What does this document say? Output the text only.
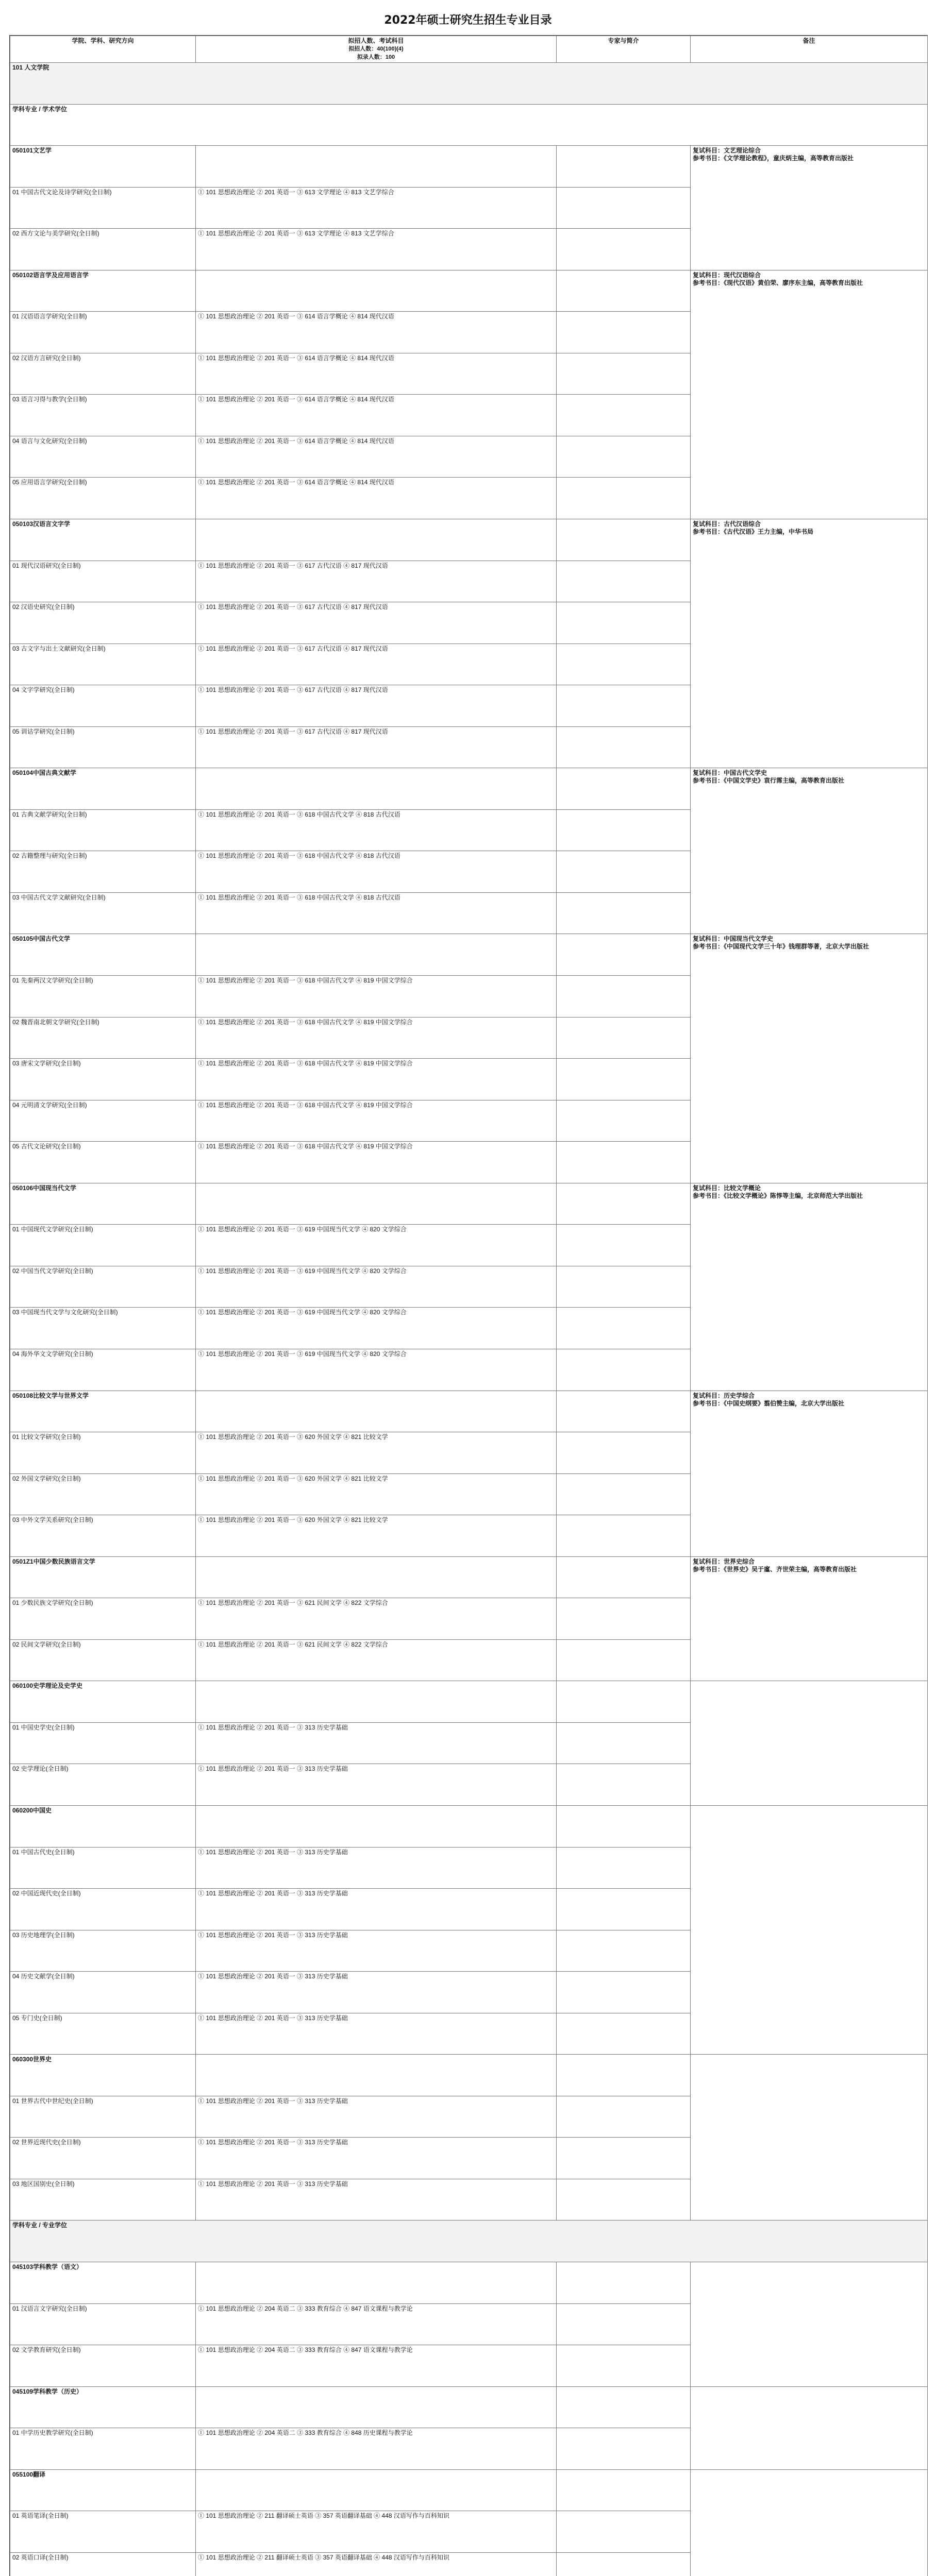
2022年硕士研究生招生专业目录
学院、学科、研究方向	拟招人数、考试科目
拟招人数：40(100)(4)
拟录人数：100	专家与简介	备注
101 人文学院			
学科专业 / 学术学位			
050101文艺学			复试科目：文艺理论综合
参考书目：《文学理论教程》，童庆炳主编，高等教育出版社

01 中国古代文论及诗学研究(全日制)	① 101 思想政治理论 ② 201 英语一 ③ 613 文学理论 ④ 813 文艺学综合		
02 西方文论与美学研究(全日制)	① 101 思想政治理论 ② 201 英语一 ③ 613 文学理论 ④ 813 文艺学综合		
050102语言学及应用语言学			复试科目：现代汉语综合
参考书目：《现代汉语》黄伯荣、廖序东主编，高等教育出版社

01 汉语语言学研究(全日制)	① 101 思想政治理论 ② 201 英语一 ③ 614 语言学概论 ④ 814 现代汉语		
02 汉语方言研究(全日制)	① 101 思想政治理论 ② 201 英语一 ③ 614 语言学概论 ④ 814 现代汉语		
03 语言习得与教学(全日制)	① 101 思想政治理论 ② 201 英语一 ③ 614 语言学概论 ④ 814 现代汉语		
04 语言与文化研究(全日制)	① 101 思想政治理论 ② 201 英语一 ③ 614 语言学概论 ④ 814 现代汉语		
05 应用语言学研究(全日制)	① 101 思想政治理论 ② 201 英语一 ③ 614 语言学概论 ④ 814 现代汉语		
050103汉语言文字学			复试科目：古代汉语综合
参考书目：《古代汉语》王力主编，中华书局

01 现代汉语研究(全日制)	① 101 思想政治理论 ② 201 英语一 ③ 617 古代汉语 ④ 817 现代汉语		
02 汉语史研究(全日制)	① 101 思想政治理论 ② 201 英语一 ③ 617 古代汉语 ④ 817 现代汉语		
03 古文字与出土文献研究(全日制)	① 101 思想政治理论 ② 201 英语一 ③ 617 古代汉语 ④ 817 现代汉语		
04 文字学研究(全日制)	① 101 思想政治理论 ② 201 英语一 ③ 617 古代汉语 ④ 817 现代汉语		
05 训诂学研究(全日制)	① 101 思想政治理论 ② 201 英语一 ③ 617 古代汉语 ④ 817 现代汉语		
050104中国古典文献学			复试科目：中国古代文学史
参考书目：《中国文学史》袁行霈主编，高等教育出版社

01 古典文献学研究(全日制)	① 101 思想政治理论 ② 201 英语一 ③ 618 中国古代文学 ④ 818 古代汉语		
02 古籍整理与研究(全日制)	① 101 思想政治理论 ② 201 英语一 ③ 618 中国古代文学 ④ 818 古代汉语		
03 中国古代文学文献研究(全日制)	① 101 思想政治理论 ② 201 英语一 ③ 618 中国古代文学 ④ 818 古代汉语		
050105中国古代文学			复试科目：中国现当代文学史
参考书目：《中国现代文学三十年》钱理群等著，北京大学出版社

01 先秦两汉文学研究(全日制)	① 101 思想政治理论 ② 201 英语一 ③ 618 中国古代文学 ④ 819 中国文学综合		
02 魏晋南北朝文学研究(全日制)	① 101 思想政治理论 ② 201 英语一 ③ 618 中国古代文学 ④ 819 中国文学综合		
03 唐宋文学研究(全日制)	① 101 思想政治理论 ② 201 英语一 ③ 618 中国古代文学 ④ 819 中国文学综合		
04 元明清文学研究(全日制)	① 101 思想政治理论 ② 201 英语一 ③ 618 中国古代文学 ④ 819 中国文学综合		
05 古代文论研究(全日制)	① 101 思想政治理论 ② 201 英语一 ③ 618 中国古代文学 ④ 819 中国文学综合		
050106中国现当代文学			复试科目：比较文学概论
参考书目：《比较文学概论》陈惇等主编，北京师范大学出版社

01 中国现代文学研究(全日制)	① 101 思想政治理论 ② 201 英语一 ③ 619 中国现当代文学 ④ 820 文学综合		
02 中国当代文学研究(全日制)	① 101 思想政治理论 ② 201 英语一 ③ 619 中国现当代文学 ④ 820 文学综合		
03 中国现当代文学与文化研究(全日制)	① 101 思想政治理论 ② 201 英语一 ③ 619 中国现当代文学 ④ 820 文学综合		
04 海外华文文学研究(全日制)	① 101 思想政治理论 ② 201 英语一 ③ 619 中国现当代文学 ④ 820 文学综合		
050108比较文学与世界文学			复试科目：历史学综合
参考书目：《中国史纲要》翦伯赞主编，北京大学出版社

01 比较文学研究(全日制)	① 101 思想政治理论 ② 201 英语一 ③ 620 外国文学 ④ 821 比较文学		
02 外国文学研究(全日制)	① 101 思想政治理论 ② 201 英语一 ③ 620 外国文学 ④ 821 比较文学		
03 中外文学关系研究(全日制)	① 101 思想政治理论 ② 201 英语一 ③ 620 外国文学 ④ 821 比较文学		
0501Z1中国少数民族语言文学			复试科目：世界史综合
参考书目：《世界史》吴于廑、齐世荣主编，高等教育出版社

01 少数民族文学研究(全日制)	① 101 思想政治理论 ② 201 英语一 ③ 621 民间文学 ④ 822 文学综合		
02 民间文学研究(全日制)	① 101 思想政治理论 ② 201 英语一 ③ 621 民间文学 ④ 822 文学综合		
060100史学理论及史学史			
01 中国史学史(全日制)	① 101 思想政治理论 ② 201 英语一 ③ 313 历史学基础		
02 史学理论(全日制)	① 101 思想政治理论 ② 201 英语一 ③ 313 历史学基础		
060200中国史			
01 中国古代史(全日制)	① 101 思想政治理论 ② 201 英语一 ③ 313 历史学基础		
02 中国近现代史(全日制)	① 101 思想政治理论 ② 201 英语一 ③ 313 历史学基础		
03 历史地理学(全日制)	① 101 思想政治理论 ② 201 英语一 ③ 313 历史学基础		
04 历史文献学(全日制)	① 101 思想政治理论 ② 201 英语一 ③ 313 历史学基础		
05 专门史(全日制)	① 101 思想政治理论 ② 201 英语一 ③ 313 历史学基础		
060300世界史			
01 世界古代中世纪史(全日制)	① 101 思想政治理论 ② 201 英语一 ③ 313 历史学基础		
02 世界近现代史(全日制)	① 101 思想政治理论 ② 201 英语一 ③ 313 历史学基础		
03 地区国别史(全日制)	① 101 思想政治理论 ② 201 英语一 ③ 313 历史学基础		
学科专业 / 专业学位			
045103学科教学（语文）			
01 汉语言文字研究(全日制)	① 101 思想政治理论 ② 204 英语二 ③ 333 教育综合 ④ 847 语文课程与教学论		
02 文学教育研究(全日制)	① 101 思想政治理论 ② 204 英语二 ③ 333 教育综合 ④ 847 语文课程与教学论		
045109学科教学（历史）			
01 中学历史教学研究(全日制)	① 101 思想政治理论 ② 204 英语二 ③ 333 教育综合 ④ 848 历史课程与教学论		
055100翻译			
01 英语笔译(全日制)	① 101 思想政治理论 ② 211 翻译硕士英语 ③ 357 英语翻译基础 ④ 448 汉语写作与百科知识		
02 英语口译(全日制)	① 101 思想政治理论 ② 211 翻译硕士英语 ③ 357 英语翻译基础 ④ 448 汉语写作与百科知识		
